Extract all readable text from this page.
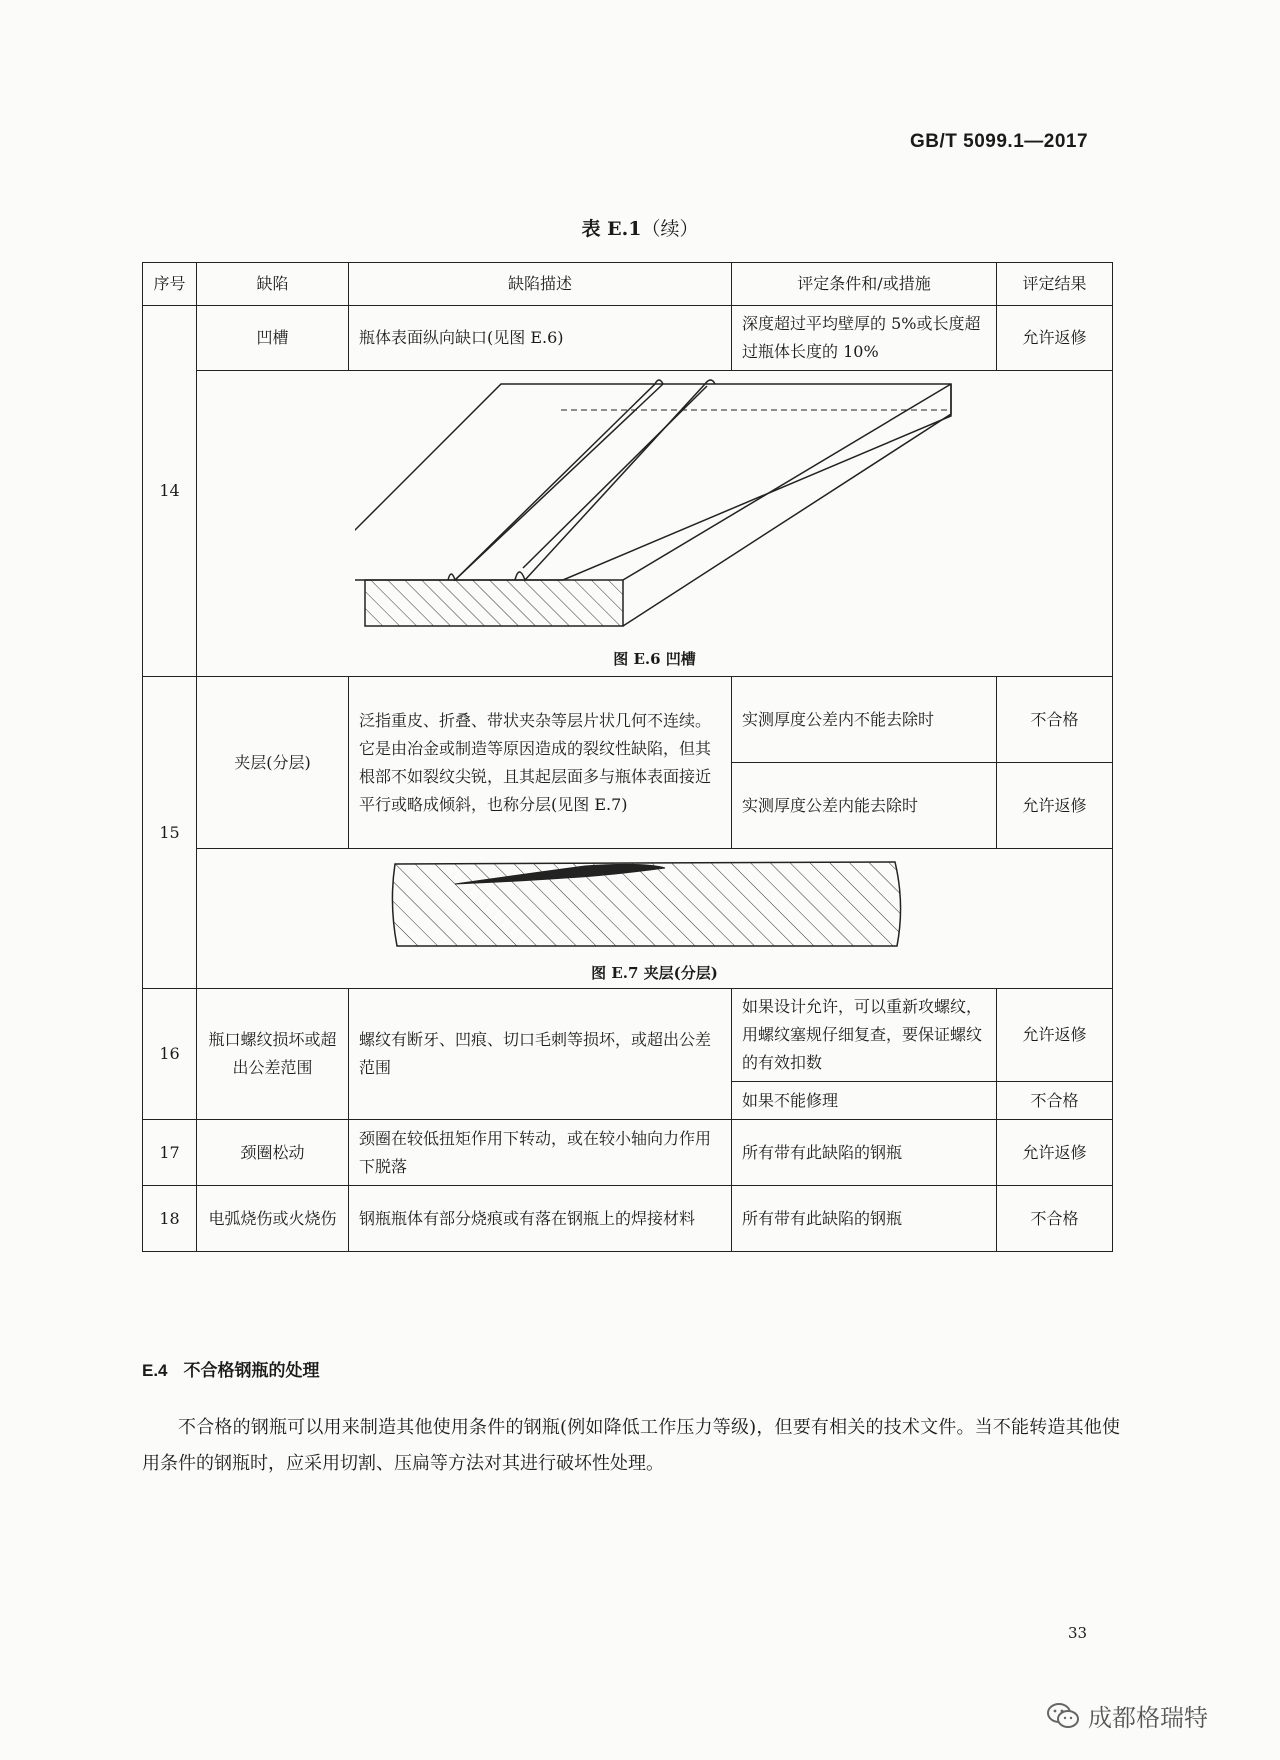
GB/T 5099.1—2017
表 E.1（续）
序号	缺陷	缺陷描述	评定条件和/或措施	评定结果
14	凹槽	瓶体表面纵向缺口(见图 E.6)	深度超过平均壁厚的 5%或长度超过瓶体长度的 10%	允许返修

	图 E.6 凹槽			

15	夹层(分层)	泛指重皮、折叠、带状夹杂等层片状几何不连续。它是由冶金或制造等原因造成的裂纹性缺陷，但其根部不如裂纹尖锐，且其起层面多与瓶体表面接近平行或略成倾斜，也称分层(见图 E.7)	实测厚度公差内不能去除时	不合格
			实测厚度公差内能去除时	允许返修

	图 E.7 夹层(分层)			

16	瓶口螺纹损坏或超出公差范围	螺纹有断牙、凹痕、切口毛刺等损坏，或超出公差范围	如果设计允许，可以重新攻螺纹，用螺纹塞规仔细复查，要保证螺纹的有效扣数	允许返修
			如果不能修理	不合格
17	颈圈松动	颈圈在较低扭矩作用下转动，或在较小轴向力作用下脱落	所有带有此缺陷的钢瓶	允许返修
18	电弧烧伤或火烧伤	钢瓶瓶体有部分烧痕或有落在钢瓶上的焊接材料	所有带有此缺陷的钢瓶	不合格
E.4 不合格钢瓶的处理
不合格的钢瓶可以用来制造其他使用条件的钢瓶(例如降低工作压力等级)，但要有相关的技术文件。当不能转造其他使用条件的钢瓶时，应采用切割、压扁等方法对其进行破坏性处理。
33
成都格瑞特
